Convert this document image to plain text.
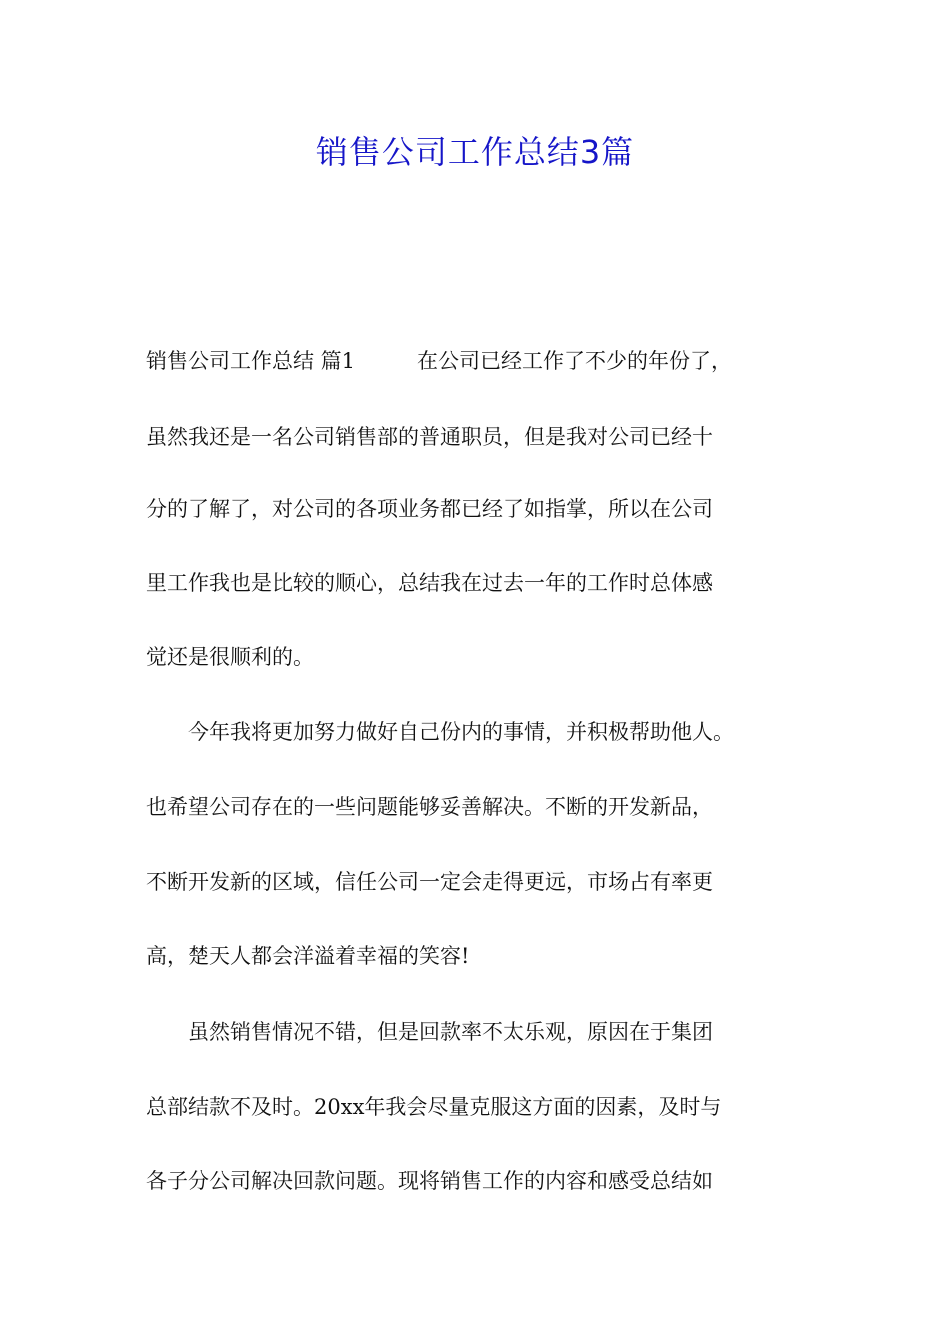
销售公司工作总结3篇

销售公司工作总结 篇1	在公司已经工作了不少的年份了，

虽然我还是一名公司销售部的普通职员，但是我对公司已经十

分的了解了，对公司的各项业务都已经了如指掌，所以在公司

里工作我也是比较的顺心，总结我在过去一年的工作时总体感

觉还是很顺利的。

　　今年我将更加努力做好自己份内的事情，并积极帮助他人。

也希望公司存在的一些问题能够妥善解决。不断的开发新品，

不断开发新的区域，信任公司一定会走得更远，市场占有率更

高，楚天人都会洋溢着幸福的笑容!

　　虽然销售情况不错，但是回款率不太乐观，原因在于集团

总部结款不及时。20xx年我会尽量克服这方面的因素，及时与

各子分公司解决回款问题。现将销售工作的内容和感受总结如
